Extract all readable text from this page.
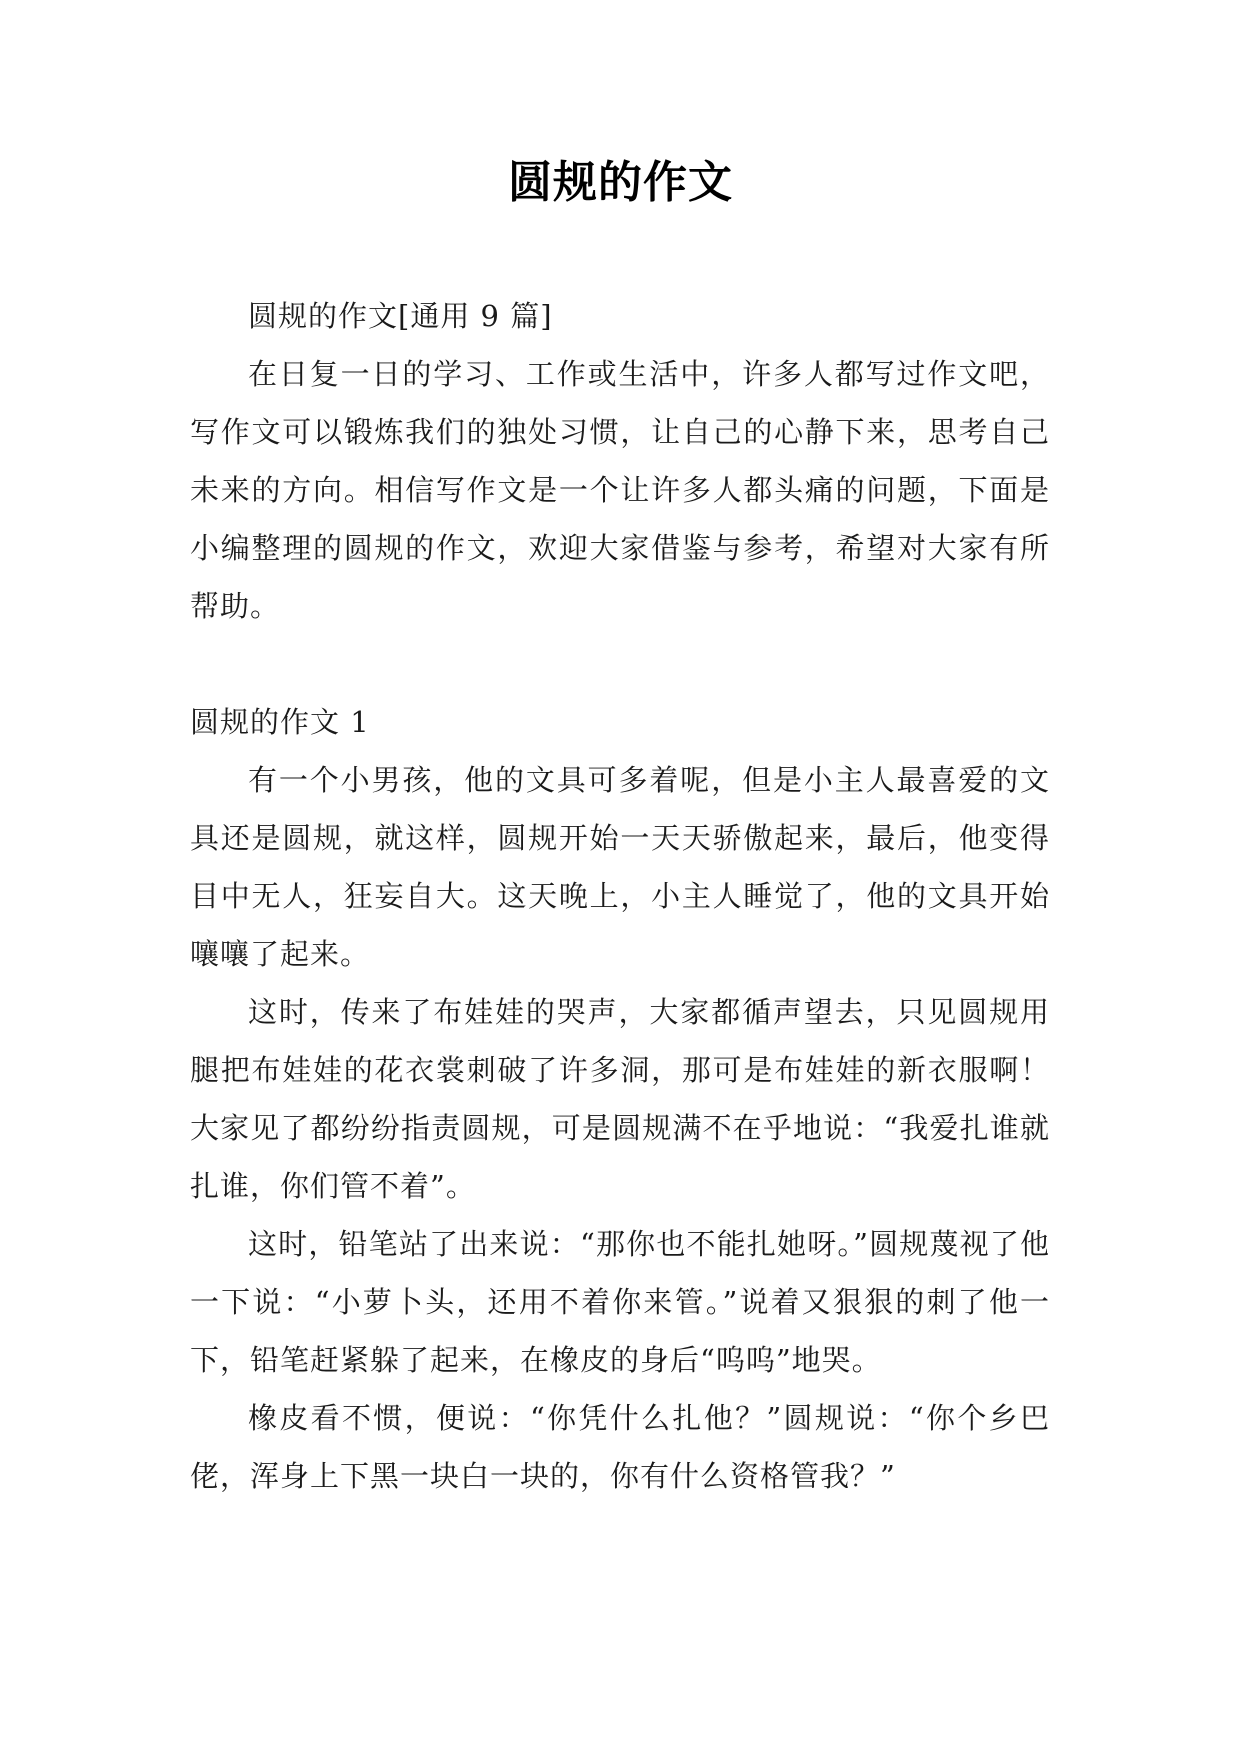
圆规的作文

圆规的作文[通用 9 篇]

在日复一日的学习、工作或生活中，许多人都写过作文吧，写作文可以锻炼我们的独处习惯，让自己的心静下来，思考自己未来的方向。相信写作文是一个让许多人都头痛的问题，下面是小编整理的圆规的作文，欢迎大家借鉴与参考，希望对大家有所帮助。

圆规的作文 1

有一个小男孩，他的文具可多着呢，但是小主人最喜爱的文具还是圆规，就这样，圆规开始一天天骄傲起来，最后，他变得目中无人，狂妄自大。这天晚上，小主人睡觉了，他的文具开始嚷嚷了起来。

这时，传来了布娃娃的哭声，大家都循声望去，只见圆规用腿把布娃娃的花衣裳刺破了许多洞，那可是布娃娃的新衣服啊！大家见了都纷纷指责圆规，可是圆规满不在乎地说：“我爱扎谁就扎谁，你们管不着”。

这时，铅笔站了出来说：“那你也不能扎她呀。”圆规蔑视了他一下说：“小萝卜头，还用不着你来管。”说着又狠狠的刺了他一下，铅笔赶紧躲了起来，在橡皮的身后“呜呜”地哭。

橡皮看不惯，便说：“你凭什么扎他？”圆规说：“你个乡巴佬，浑身上下黑一块白一块的，你有什么资格管我？”
